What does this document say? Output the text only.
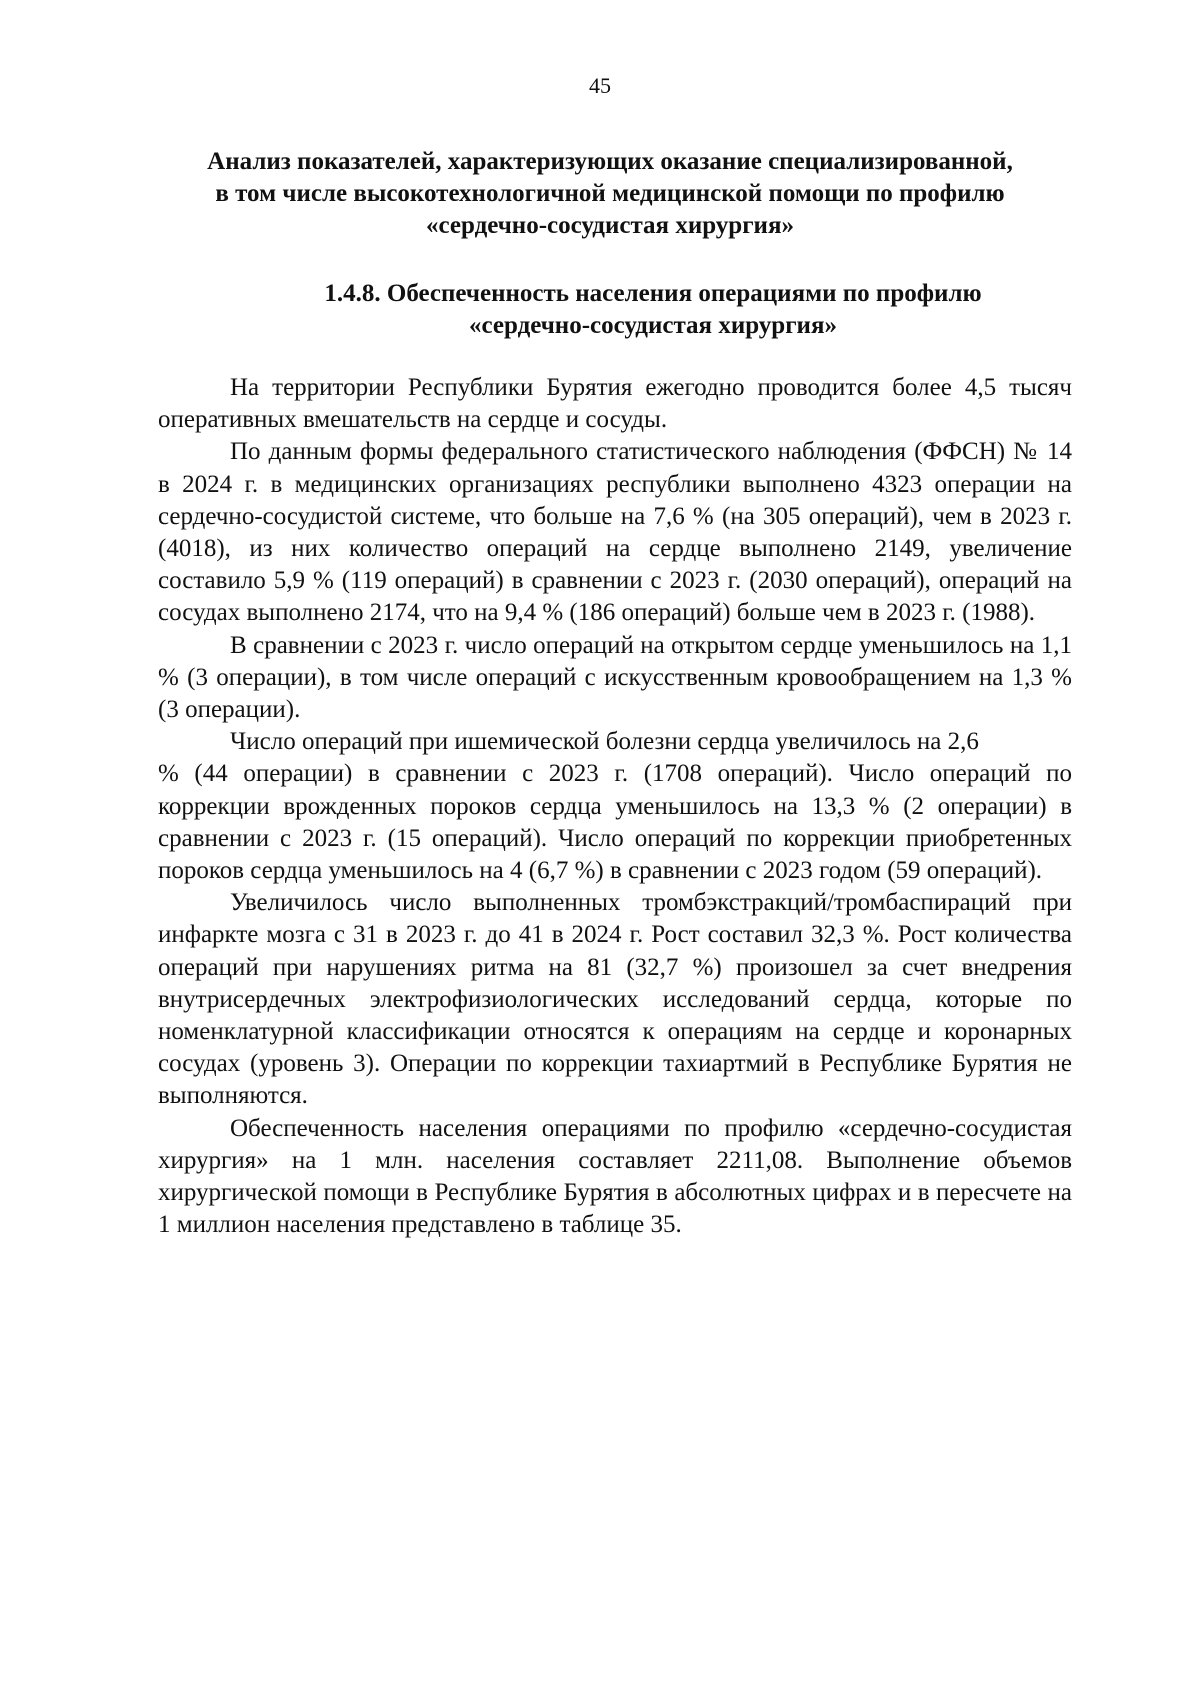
45
Анализ показателей, характеризующих оказание специализированной,
в том числе высокотехнологичной медицинской помощи по профилю
«сердечно-сосудистая хирургия»
1.4.8. Обеспеченность населения операциями по профилю
«сердечно-сосудистая хирургия»

На территории Республики Бурятия ежегодно проводится более 4,5 тысяч оперативных вмешательств на сердце и сосуды.

По данным формы федерального статистического наблюдения (ФФСН) № 14 в 2024 г. в медицинских организациях республики выполнено 4323 операции на сердечно-сосудистой системе, что больше на 7,6 % (на 305 операций), чем в 2023 г. (4018), из них количество операций на сердце выполнено 2149, увеличение составило 5,9 % (119 операций) в сравнении с 2023 г. (2030 операций), операций на сосудах выполнено 2174, что на 9,4 % (186 операций) больше чем в 2023 г. (1988).

В сравнении с 2023 г. число операций на открытом сердце уменьшилось на 1,1 % (3 операции), в том числе операций с искусственным кровообращением на 1,3 % (3 операции).

Число операций при ишемической болезни сердца увеличилось на 2,6

% (44 операции) в сравнении с 2023 г. (1708 операций). Число операций по коррекции врожденных пороков сердца уменьшилось на 13,3 % (2 операции) в сравнении с 2023 г. (15 операций). Число операций по коррекции приобретенных пороков сердца уменьшилось на 4 (6,7 %) в сравнении с 2023 годом (59 операций).

Увеличилось число выполненных тромбэкстракций/тромбаспираций при инфаркте мозга с 31 в 2023 г. до 41 в 2024 г. Рост составил 32,3 %. Рост количества операций при нарушениях ритма на 81 (32,7 %) произошел за счет внедрения внутрисердечных электрофизиологических исследований сердца, которые по номенклатурной классификации относятся к операциям на сердце и коронарных сосудах (уровень 3). Операции по коррекции тахиартмий в Республике Бурятия не выполняются.

Обеспеченность населения операциями по профилю «сердечно-сосудистая хирургия» на 1 млн. населения составляет 2211,08. Выполнение объемов хирургической помощи в Республике Бурятия в абсолютных цифрах и в пересчете на 1 миллион населения представлено в таблице 35.
